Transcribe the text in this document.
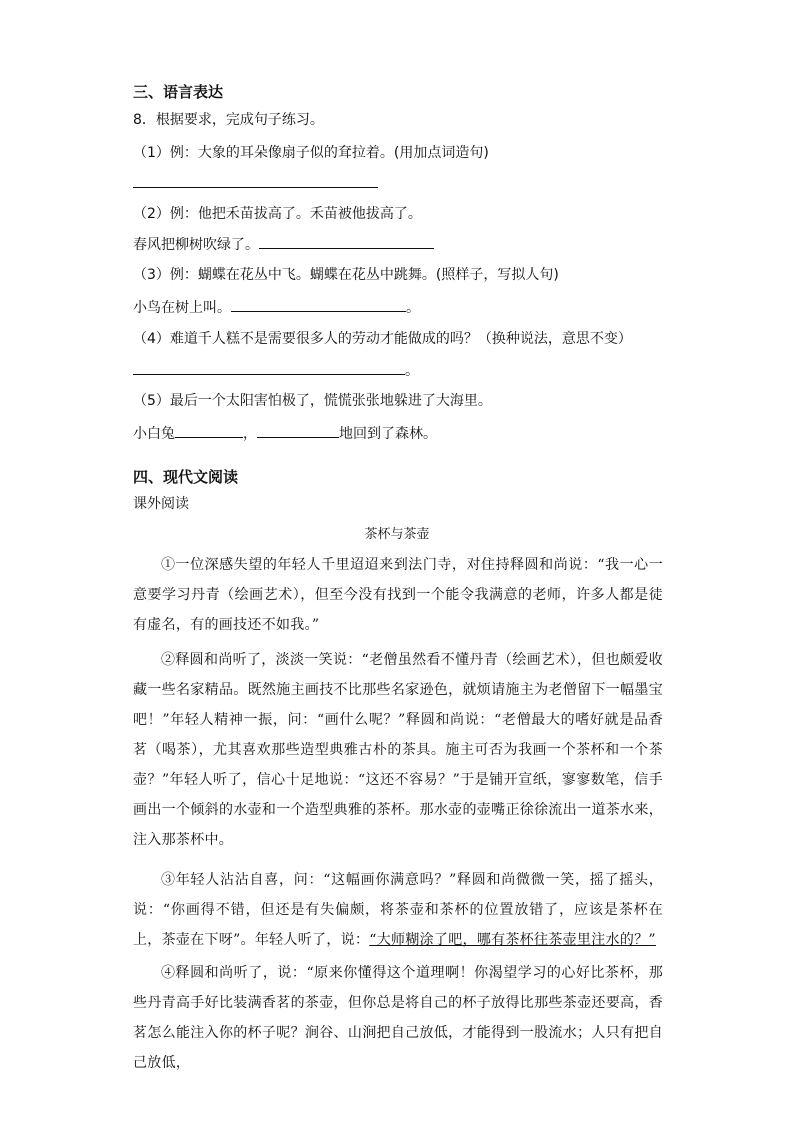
三、语言表达
8．根据要求，完成句子练习。
（1）例：大象的耳朵像扇子似的耷拉着。(用加点词造句)
（2）例：他把禾苗拔高了。禾苗被他拔高了。
春风把柳树吹绿了。
（3）例：蝴蝶在花丛中飞。蝴蝶在花丛中跳舞。(照样子，写拟人句)
小鸟在树上叫。	。
（4）难道千人糕不是需要很多人的劳动才能做成的吗？（换种说法，意思不变）
。
（5）最后一个太阳害怕极了，慌慌张张地躲进了大海里。
小白兔	，	地回到了森林。
四、现代文阅读
课外阅读
茶杯与茶壶
①一位深感失望的年轻人千里迢迢来到法门寺，对住持释圆和尚说：“我一心一意要学习丹青（绘画艺术），但至今没有找到一个能令我满意的老师，许多人都是徒有虚名，有的画技还不如我。”
②释圆和尚听了，淡淡一笑说：“老僧虽然看不懂丹青（绘画艺术），但也颇爱收藏一些名家精品。既然施主画技不比那些名家逊色，就烦请施主为老僧留下一幅墨宝吧！”年轻人精神一振，问：“画什么呢？”释圆和尚说：“老僧最大的嗜好就是品香茗（喝茶），尤其喜欢那些造型典雅古朴的茶具。施主可否为我画一个茶杯和一个茶壶？”年轻人听了，信心十足地说：“这还不容易？”于是铺开宣纸，寥寥数笔，信手画出一个倾斜的水壶和一个造型典雅的茶杯。那水壶的壶嘴正徐徐流出一道茶水来，注入那茶杯中。
③年轻人沾沾自喜，问：“这幅画你满意吗？”释圆和尚微微一笑，摇了摇头，说：“你画得不错，但还是有失偏颇，将茶壶和茶杯的位置放错了，应该是茶杯在上，茶壶在下呀”。年轻人听了，说：“大师糊涂了吧，哪有茶杯往茶壶里注水的？”
④释圆和尚听了，说：“原来你懂得这个道理啊！你渴望学习的心好比茶杯，那些丹青高手好比装满香茗的茶壶，但你总是将自己的杯子放得比那些茶壶还要高，香茗怎么能注入你的杯子呢？涧谷、山涧把自己放低，才能得到一股流水；人只有把自己放低，
